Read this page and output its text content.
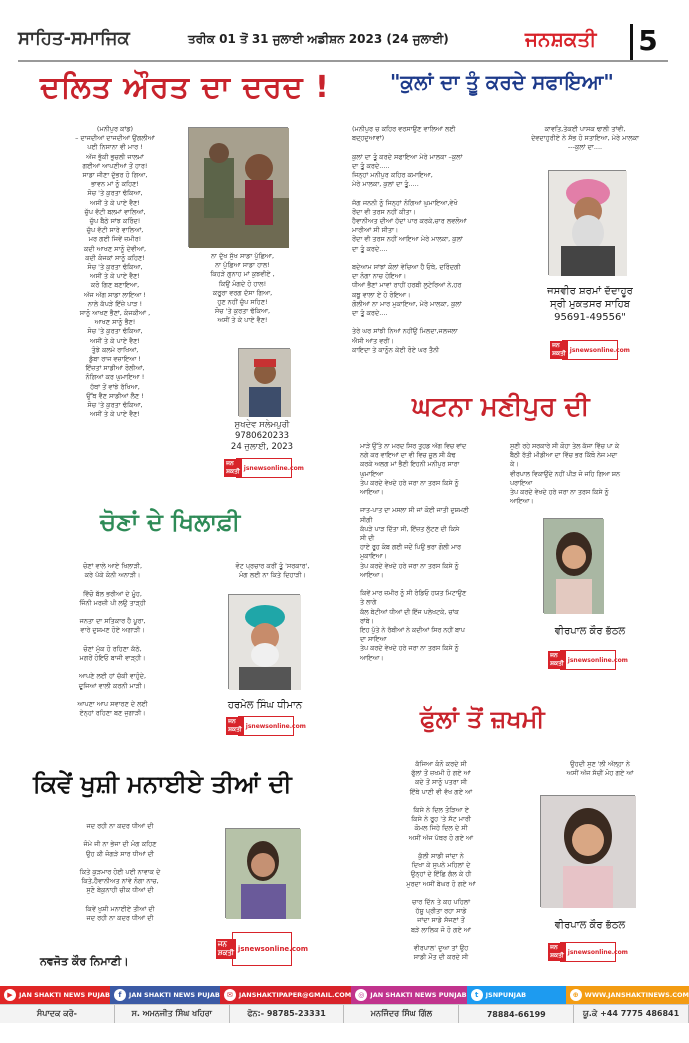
ਸਾਹਿਤ-ਸਮਾਜਿਕ	ਤਰੀਕ 01 ਤੋਂ 31 ਜੁਲਾਈ ਅਡੀਸ਼ਨ 2023 (24 ਜੁਲਾਈ)	ਜਨਸ਼ਕਤੀ 5
ਦਲਿਤ ਔਰਤ ਦਾ ਦਰਦ !
(ਮਨੀਪੁਰ ਕਾਂਡ)
– ਦਾਜਦੀਆਂ ਦਾਜਦੀਆਂ ਉਂਗਲੀਆਂ
ਪਈ ਨਿਸਾਨਾ ਵੀ ਮਾਰ !
ਅੱਜ ਭੁੱਕੀ ਭੁਚਲੀ ਜਾਲਮਾਂ
ਗਈਆਂ ਆਪਣੀਆਂ ਤੋਂ ਹਾਰ!
ਸਾਡਾ ਜੀਣਾ ਦੁੱਭਰ ਹੋ ਗਿਆ,
ਭਾਵਨ ਮਾਂ ਨੂੰ ਕਹਿਣ!
ਸੋਚ 'ਤੇ ਕੁਰਤਾ ਢੱਕਿਆ,
ਅਸੀਂ ਤੇ ਕੇ ਪਾਏ ਵੈਣ!
ਚੁੱਪ ਵੱਟੀ ਬਲਮਾਂ ਵਾਲਿਆਂ,
ਚੁੱਪ ਬੈਠੇ ਸਾਂਝ ਕਰਿੰਦ!
ਚੁੱਪ ਵੱਟੀ ਸਾਰੇ ਵਾਲਿਆਂ,
ਮਰ ਗਈ ਜਿਵੇਂ ਜ਼ਮੀਰ!
ਕਦੀ ਆਖਣ ਸਾਨੂੰ ਦੇਵੀਆਂ,
ਕਦੀ ਕੰਜਕਾਂ ਸਾਨੂੰ ਕਹਿਣ!
ਸੋਚ 'ਤੇ ਕੁਰਤਾ ਢੱਕਿਆ,
ਅਸੀਂ ਤੇ ਕੇ ਪਾਏ ਵੈਣ!
ਕਰੋ ਗਿਣ ਬਣਾਇਆ,
ਅੱਜ ਅੱਗ ਸਾਡਾ ਲਾਇਆ !
ਨਾਲੇ ਕੱਪੜੇ ਇੱਜ਼ੇ ਪਾੜ !
ਸਾਨੂੰ ਆਖਣ ਭੈਣਾਂ, ਕੰਜਕੀਆਂ ,
ਆਖਣ ਸਾਨੂੰ ਭੈਣ!
ਸੋਚ 'ਤੇ ਕੁਰਤਾ ਢੱਕਿਆ,
ਅਸੀਂ ਤੇ ਕੇ ਪਾਏ ਵੈਣ!
ਤੁੰਝੇ ਕਲਮੇ ਰਾਖਿਆਂ,
ਡੁੱਬਾ ਰਾਜ ਵਜ਼ਾਇਆ !
ਇੱਜ਼ਤਾਂ ਸਾਡੀਆਂ ਰੋਲੀਆਂ,
ਨੰਗਿਆਂ ਕਰ ਘੁਮਾਇਆ !
ਹੱਥਾਂ ਤੋਂ ਵਾਂਝੇ ਰੱਖਿਆ,
ਉੱਥ ਵੈਣ ਸਾਡੀਆਂ ਲੈਣ !
ਸੋਚ 'ਤੇ ਕੁਰਤਾ ਢੱਕਿਆ,
ਅਸੀਂ ਤੇ ਕੇ ਪਾਏ ਵੈਣ!
ਨਾ ਦੁੱਖ ਸੁੱਖ ਸਾਡਾ ਪੁੱਛਿਆ,
ਨਾ ਪੁੱਛਿਆ ਸਾਡਾ ਹਾਲ!
ਕਿਹੜੇ ਗੁਨਾਹ ਮਾਂ ਕੁਝਵੀਏ ,
ਕਿਉਂ ਮੰਗਦੇ ਹੋ ਹਾਲ!
ਕਰੂਰਾ ਵਰਗ ਦੱਸਾ ਗਿਆ,
ਹੁਣ ਨਹੀਂ ਚੁੱਪ ਸਹਿਣ!
ਸੋਚ 'ਤੇ ਕੁਰਤਾ ਢੱਕਿਆ,
ਅਸੀਂ ਤੇ ਕੇ ਪਾਏ ਵੈਣ!
ਸੁਖਦੇਵ ਸਲੇਮਪੁਰੀ
9780620233
24 ਜੁਲਾਈ, 2023
ਜਨ ਸ਼ਕਤੀ jsnewsonline.com
"ਕੁਲਾਂ ਦਾ ਤੂੰ ਕਰਦੇ ਸਫਾਇਆ"
(ਮਨੀਪੁਰ ਚ ਕਹਿਰ ਵਰਸਾਉਣ ਵਾਲਿਆਂ ਲਈ
ਬਦ੍ਹਦੁਆਵਾਂ)

ਕੁਲਾਂ ਦਾ ਤੂੰ ਕਰਦੇ ਸਫਾਇਆ ਮੇਰੇ ਮਾਲਕਾ –ਕੁਲਾਂ
ਦਾ ਤੂੰ ਕਰਦੇ.....
ਜਿਨ੍ਹਾਂ ਮਨੀਪੁਰ ਕਹਿਰ ਕਮਾਇਆ,
ਮੇਰੇ ਮਾਲਕਾ, ਕੁਲਾਂ ਦਾ ਤੂੰ.....

ਜੱਗ ਜਨਨੀ ਨੂੰ ਜਿਨ੍ਹਾਂ ਨੰਗਿਆਂ ਘੁਮਾਇਆ,ਵੇਖੋ
ਰੋਂਦਾ ਵੀ ਤਰਸ ਨਹੀਂ ਕੀਤਾ।
ਹੈਵਾਨੀਅਤ ਦੀਆਂ ਹੱਦਾਂ ਪਾਰ ਕਰਕੇ,ਚਾਰ ਲਵਲੋਆਂ
ਮਾਰੀਆਂ ਸੀ ਸੀਤਾ।
ਰੋਂਦਾ ਵੀ ਤਰਸ ਨਹੀਂ ਆਇਆ ਮੇਰੇ ਮਾਲਕਾ, ਕੁਲਾਂ
ਦਾ ਤੂੰ ਕਰਦੇ....

ਬਦੇਆਮ ਸਾਂਝਾਂ ਕੋਲਾਂ ਵੇਚਿਆ ਹੈ ਓਥੇ, ਦਰਿੰਦਗੀ
ਦਾ ਨੰਗਾ ਨਾਚ ਹੋਇਆ।
ਧੀਆਂ ਭੈਣਾਂ ਮਾਵਾਂ ਰਾਹੀਂ ਹਰਬੀ ਲੁਟੇਰਿਆਂ ਨੇ,ਹਰ
ਕਥੂ ਵਾਲਾ ਏ ਹੋ ਰੋਇਆ।
ਗੋਲੀਆਂ ਨਾ ਮਾਰ ਮੁਕਾਇਆ, ਮੇਰੇ ਮਾਲਕਾ, ਕੁਲਾਂ
ਦਾ ਤੂੰ ਕਰਦੇ....

ਤੇਰੇ ਘਰ ਸਾਂਝੀ ਨਿਆਂ ਨਹੀਂਉਂ ਮਿਲਦਾ,ਜਲਜਲਾ
ਐਸੀ ਆਂਤ ਵਰੀਂ।
ਕਾਇਦਾ ਤੇ ਕਾਨੂੰਨ ਕੇਈ ਰੋਏ ਘਰ ਤੈਨੀ
ਕਾਵਤਿ,ਤੇਕਈ ਪਾਸਕ ਢਾਲੀ ਤਾਂਵੀ,
ਦੇਵਦਾਹੁਰੀਏ ਨੇ ਸੱਭ ਹੋ ਸਤਾਇਆ, ਮੇਰੇ ਮਾਲਕਾ
---ਕੁਲਾਂ ਦਾ....
ਜਸਵੀਰ ਸ਼ਰਮਾਂ ਦੱਦਾਹੂਰ
ਸ੍ਰੀ ਮੁਕਤਸਰ ਸਾਹਿਬ
95691-49556"
ਜਨ ਸ਼ਕਤੀ jsnewsonline.com
ਘਟਨਾ ਮਣੀਪੁਰ ਦੀ
ਮਾੜੇ ਉੱਤੇ ਨਾ ਮਰਦ ਸਿਰ ਤੁਹਡ ਅੱਗ ਵਿਚ ਵਾਂਦ
ਨਗੇ ਕਰ ਵਾਇਆਂ ਦਾ ਵੀ ਵਿਚ ਜੂਲ ਸੀ ਕੱਢ
ਕਰਕੇ ਅਲਗ ਮਾਂ ਭੈਣੀ ਇਹਨੀ ਮਨੀਪੁਰ ਸਾਰਾ
ਘੁਮਾਇਆ
ਤੇਪ ਕਰਦੇ ਵੇਖਦੇ ਹਰੇ ਜਰਾ ਨਾ ਤਰਸ ਕਿਸੇ ਨੂੰ
ਆਇਆ।

ਜਾਤ-ਪਾਤ ਦਾ ਮਸਲਾ ਸੀ ਜਾਂ ਕੋਈ ਜਾਤੀ ਦੁਸ਼ਮਣੀ
ਸੀਗੀ
ਕੱਪੜੇ ਪਾੜ ਦਿੱਤਾ ਸੀ, ਇੱਜ਼ਤ ਲੁੱਟਣ ਦੀ ਕਿਸੇ
ਸੀ ਦੀ
ਹਾਏ ਰੂਹ ਕੰਬ ਗਈ ਜਦੋਂ ਪਿਉ ਭਰਾ ਗੋਲੀ ਮਾਰ
ਮੁਕਾਇਆ।
ਤੇਪ ਕਰਦੇ ਵੇਖਦੇ ਹਰੇ ਜਰਾ ਨਾ ਤਰਸ ਕਿਸੇ ਨੂੰ
ਆਇਆ।

ਕਿਵੇਂ ਮਾਰ ਜ਼ਮੀਰ ਨੂੰ ਸੀ ਰੰਡਿਓ ਹਯਤ ਮਿਟਾਉਣ
ਤੇ ਲਾਗੇ
ਕੱਲ ਬੇਟੀਆਂ ਧੀਆਂ ਦੀ ਇੱਜ ਪਲੇਖਟਕੇ, ਚਾਂਕ
ਰਾਂਬੇ।
ਇਹ ਪੁੱਤੇ ਨੇ ਰੱਬੀਆਂ ਨੇ ਕਦੀਆਂ ਸਿਰ ਨਹੀਂ ਬਾਪ
ਦਾ ਸਾਇਆ
ਤੇਪ ਕਰਦੇ ਵੇਖਦੇ ਹਰੇ ਜਰਾ ਨਾ ਤਰਸ ਕਿਸੇ ਨੂੰ
ਆਇਆ।
ਸੁਣੀ ਰਹੇ ਸਰਕਾਰੇ ਸੀ ਕੋਹਾ ਤੇਲ ਕੱਜਾ ਵਿੱਚ ਪਾ ਕੇ
ਬੈਠੀ ਰੱਤੀ ਮੀਡੀਆ ਦਾ ਵਿੱਚ ਭਰ ਕਿੱਥੋ ਨੇਜ ਮਦਾ
ਕੇ।
ਵੀਰਪਾਲ ਵਿਕਾਉਂਦੇ ਨਹੀਂ ਪੀੜ ਜੋ ਜਹਿ ਗਿਆ ਸ਼ਨ
ਪਰਾਇਆ
ਤੇਪ ਕਰਦੇ ਵੇਖਦੇ ਹਰੇ ਜਰਾ ਨਾ ਤਰਸ ਕਿਸੇ ਨੂੰ
ਆਇਆ।
ਵੀਰਪਾਲ ਕੌਰ ਭੱਠਲ
ਜਨ ਸ਼ਕਤੀ jsnewsonline.com
ਚੋਣਾਂ ਦੇ ਖਿਲਾਫ਼ੀ
ਚੋਣਾਂ ਵਾਲੇ ਆਏ ਖਿਲਾੜੀ,
ਕਰੇ ਪੱਕੇ ਕੰਨੀ ਅਨਾੜੀ।

ਵਿੱਚੋ ਬੱਲ ਭਰੀਆਂ ਦੇ ਮੂੰਹ,
ਜਿੰਨੀ ਮਰਜ਼ੀ ਪੀ ਲਉ ਤਾੜ੍ਹੀ

ਜਨਤਾ ਦਾ ਸਤਿਕਾਰ ਹੈ ਪੂਰਾ,
ਵਾਰੇ ਦੁਸ਼ਮਣ ਹੋਏ ਅਗਾੜੀ।

ਚੋਣਾਂ ਮੁੱਕ ਹੋ ਰਹਿਣਾ ਕੱਠੇ,
ਮਗਰੋਂ ਹੋਇਓ ਬਾਜੀ ਵਾੜ੍ਹੀ।

ਆਪਣੇ ਲਈ ਹਾਂ ਚੱਕੀ ਵਾਹੁੰਦੇ,
ਦੂਜਿਆਂ ਵਾਲੀ ਕਰਨੀ ਮਾੜੀ।

ਆਪਣਾ ਆਪ ਸਵਾਰਣ ਦੇ ਲਈ
ਏਨ੍ਹਾਂ ਰਹਿਣਾ ਬਣ ਜੁਗਾੜੀ।
ਵੋਟ ਪ੍ਰਚਾਰ ਕਰੀਂ ਤੂੰ 'ਸਰਕਾਰ',
ਮੰਗ ਲਈ ਨਾ ਕਿਤੇ ਦਿਹਾੜੀ।
ਹਰਮੇਲ ਸਿੰਘ ਧੀਮਾਨ
ਜਨ ਸ਼ਕਤੀ jsnewsonline.com	ਫੁੱਲਾਂ ਤੋਂ ਜ਼ਖਮੀ
ਕੱਜਿਆ ਕੰਨੋ ਕਰਦੇ ਸੀ
ਫੁੱਲਾਂ ਤੋਂ ਜ਼ਖਮੀ ਹੋ ਗਏ ਆਂ
ਕਦੇ ਤੋਂ ਸਾਨੂੰ ਪਤਰਾ ਸੀ
ਇੱਥੇ ਪਾਣੀ ਵੀ ਵੱਖ ਗਏ ਆਂ

ਕਿਸੇ ਨੇ ਦਿਲ ਤੋੜਿਆ ਏ
ਕਿਸੇ ਨੇ ਰੂਹ 'ਤੇ ਸੱਟ ਮਾਰੀ
ਕੋਮਲ ਜਿਹੇ ਦਿਲ ਦੇ ਸੀ
ਅਸੀਂ ਅੱਜ ਪੱਥਰ ਹੋ ਗਏ ਆਂ

ਕੁੱਲੀ ਸਾਡੀ ਜਾਂਦਾ ਨੇ
ਦਿਖਾ ਕੇ ਸੁਪਨੇ ਮਹਿਲਾਂ ਦੇ
ਉਨ੍ਹਾਂ ਦੇ ਇੱਛਿ ਗੱਲ ਕੇ ਹੀ
ਮੁਰਦਾ ਅਸੀਂ ਬੇਘਰ ਹੋ ਗਏ ਆਂ

ਚਾਰ ਦਿੱਨ ਤੇ ਕਹ ਪਹਿਲਾਂ
ਹੱਸੂ ਪ੍ਰੀਤਾ ਰਹਾ ਸਾਡੇ
ਜਾਂਦਾ ਸਾਡੇ ਸੱਜਣਾਂ ਤੋਂ
ਬੜੇ ਲਾਲਿਕ ਜੋ ਹੋ ਗਏ ਆਂ

ਵੀਰਪਾਲ' ਦੁਆ ਤਾਂ ਉਹ
ਸਾਡੀ ਮੌਤ ਦੀ ਕਰਦੇ ਸੀ
ਉਹਦੀ ਸੁਣ 'ਲੀ ਅੱਲ੍ਹਾ ਨੇ
ਅਸੀਂ ਅੱਜ ਸੱਚੀਂ ਮੋਹ ਗਏ ਆਂ
ਵੀਰਪਾਲ ਕੌਰ ਭੱਠਲ
ਜਨ ਸ਼ਕਤੀ jsnewsonline.com
ਕਿਵੇਂ ਖੁਸ਼ੀ ਮਨਾਈਏ ਤੀਆਂ ਦੀ
ਜਦ ਰਹੀ ਨਾ ਕਦਰ ਧੀਆਂ ਦੀ

ਜੰਮੇ ਜੀ ਨਾ ਭੇਜਾ ਦੀ ਮੰਗ ਕਹਿਣ
ਉਹ ਕੀ ਜੋਗੜੇ ਸਾਰ ਧੀਆਂ ਦੀ

ਕਿਤੇ ਕੁੜਮਾਰ ਹੋਈ ਪਈ ਨਾਵਾਕ ਦੇ
ਕਿਤੇ,ਹੈਵਾਨੀਅਤ ਨਾਂਵੇ ਨੰਗਾ ਨਾਚ,
ਸੁਣੋ ਬੇਕੁਨਾਹੀ ਚੀਕ ਧੀਆਂ ਦੀ

ਕਿਵੇਂ ਖੁਸ਼ੀ ਮਨਾਈਏ ਤੀਆਂ ਦੀ
ਜਦ ਰਹੀ ਨਾ ਕਦਰ ਧੀਆਂ ਦੀ
ਜਨ ਸ਼ਕਤੀ jsnewsonline.com
ਨਵਜੋਤ ਕੌਰ ਨਿਮਾਣੀ।
▶ JAN SHAKTI NEWS PUJAB	f	JAN SHAKTI NEWS PUJAB	✉ JANSHAKTIPAPER@GMAIL.COM ◎ JAN SHAKTI NEWS PUNJAB	t	JSNPUNJAB	⊕ WWW.JANSHAKTINEWS.COM
ਸੰਪਾਦਕ ਕਰੋ-	ਸ. ਅਮਨਜੀਤ ਸਿੰਘ ਖਹਿਰਾ	ਫੋਨ:- 98785-23331	ਮਨਜਿੰਦਰ ਸਿੰਘ ਗਿੱਲ	78884-66199	ਯੂ.ਕੇ +44 7775 486841
